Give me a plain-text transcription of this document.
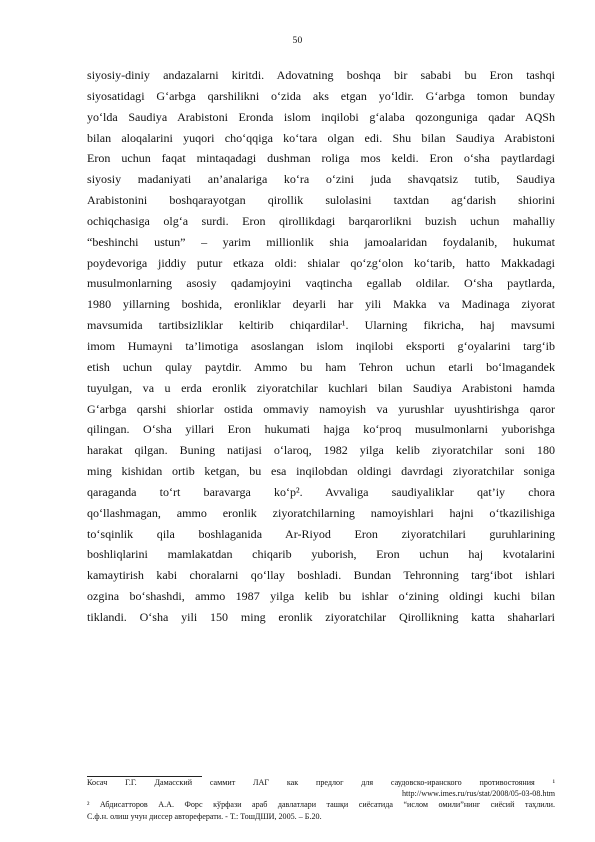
50
siyosiy-diniy andazalarni kiritdi. Adovatning boshqa bir sababi bu Eron tashqi
siyosatidagi G‘arbga qarshilikni o‘zida aks etgan yo‘ldir. G‘arbga tomon bunday
yo‘lda Saudiya Arabistoni Eronda islom inqilobi g‘alaba qozonguniga qadar AQSh
bilan aloqalarini yuqori cho‘qqiga ko‘tara olgan edi. Shu bilan Saudiya Arabistoni
Eron uchun faqat mintaqadagi dushman roliga mos keldi. Eron o‘sha paytlardagi
siyosiy madaniyati an’analariga ko‘ra o‘zini juda shavqatsiz tutib, Saudiya
Arabistonini boshqarayotgan qirollik sulolasini taxtdan ag‘darish shiorini
ochiqchasiga olg‘a surdi. Eron qirollikdagi barqarorlikni buzish uchun mahalliy
“beshinchi ustun” – yarim millionlik shia jamoalaridan foydalanib, hukumat
poydevoriga jiddiy putur etkaza oldi: shialar qo‘zg‘olon ko‘tarib, hatto Makkadagi
musulmonlarning asosiy qadamjoyini vaqtincha egallab oldilar. O‘sha paytlarda,
1980 yillarning boshida, eronliklar deyarli har yili Makka va Madinaga ziyorat
mavsumida tartibsizliklar keltirib chiqardilar¹. Ularning fikricha, haj mavsumi
imom Humayni ta’limotiga asoslangan islom inqilobi eksporti g‘oyalarini targ‘ib
etish uchun qulay paytdir. Ammo bu ham Tehron uchun etarli bo‘lmagandek
tuyulgan, va u erda eronlik ziyoratchilar kuchlari bilan Saudiya Arabistoni hamda
G‘arbga qarshi shiorlar ostida ommaviy namoyish va yurushlar uyushtirishga qaror
qilingan. O‘sha yillari Eron hukumati hajga ko‘proq musulmonlarni yuborishga
harakat qilgan. Buning natijasi o‘laroq, 1982 yilga kelib ziyoratchilar soni 180
ming kishidan ortib ketgan, bu esa inqilobdan oldingi davrdagi ziyoratchilar soniga
qaraganda to‘rt baravarga ko‘p². Avvaliga saudiyaliklar qat’iy chora
qo‘llashmagan, ammo eronlik ziyoratchilarning namoyishlari hajni o‘tkazilishiga
to‘sqinlik qila boshlaganida Ar-Riyod Eron ziyoratchilari guruhlarining
boshliqlarini mamlakatdan chiqarib yuborish, Eron uchun haj kvotalarini
kamaytirish kabi choralarni qo‘llay boshladi. Bundan Tehronning targ‘ibot ishlari
ozgina bo‘shashdi, ammo 1987 yilga kelib bu ishlar o‘zining oldingi kuchi bilan
tiklandi. O‘sha yili 150 ming eronlik ziyoratchilar Qirollikning katta shaharlari
Косач Г.Г. Дамасский саммит ЛАГ как предлог для саудовско-иранского противостояния ¹
http://www.imes.ru/rus/stat/2008/05-03-08.htm
² Абдисатторов А.А. Форс кўрфази араб давлатлари ташқи сиёсатида “ислом омили”нинг сиёсий таҳлили.
С.ф.н. олиш учун диссер автореферати. - Т.: ТошДШИ, 2005. – Б.20.
